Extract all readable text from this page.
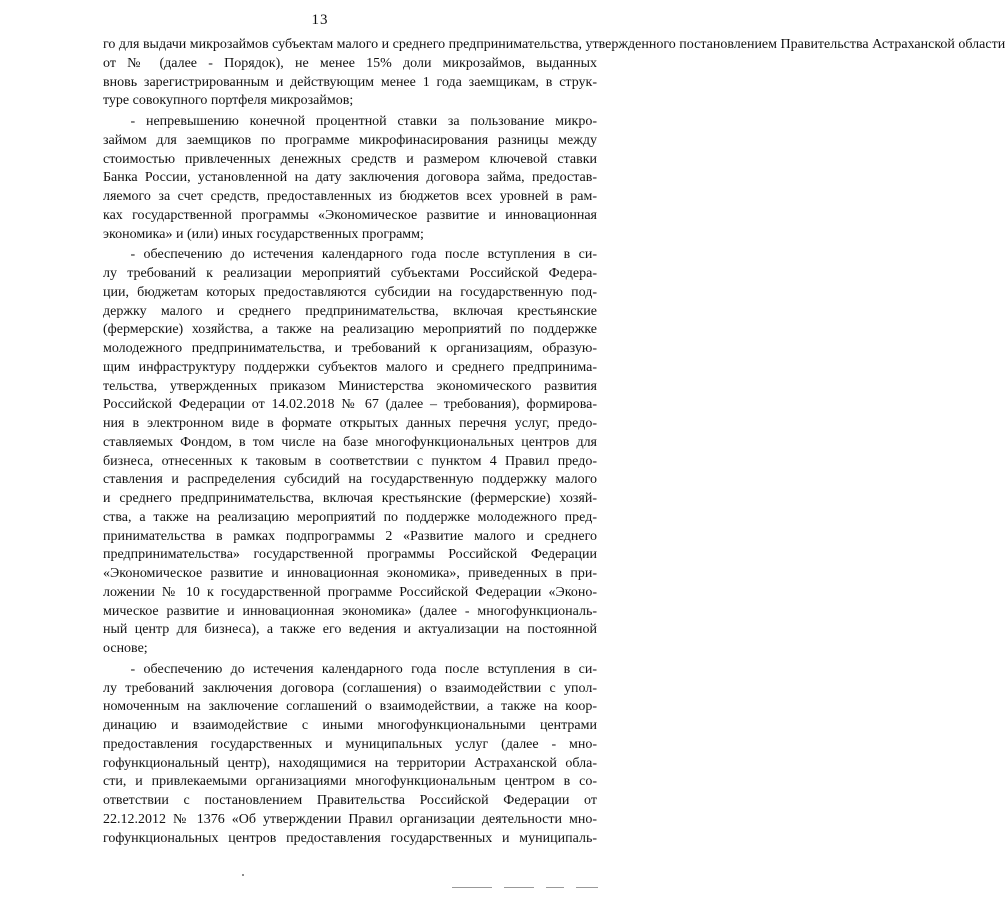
13
го для выдачи микрозаймов субъектам малого и среднего предпринимательства, утвержденного постановлением Правительства Астраханской области
от № (далее - Порядок), не менее 15% доли микрозаймов, выданных
вновь зарегистрированным и действующим менее 1 года заемщикам, в струк-
туре совокупного портфеля микрозаймов;
- непревышению конечной процентной ставки за пользование микро-
займом для заемщиков по программе микрофинасирования разницы между
стоимостью привлеченных денежных средств и размером ключевой ставки
Банка России, установленной на дату заключения договора займа, предостав-
ляемого за счет средств, предоставленных из бюджетов всех уровней в рам-
ках государственной программы «Экономическое развитие и инновационная
экономика» и (или) иных государственных программ;
- обеспечению до истечения календарного года после вступления в си-
лу требований к реализации мероприятий субъектами Российской Федера-
ции, бюджетам которых предоставляются субсидии на государственную под-
держку малого и среднего предпринимательства, включая крестьянские
(фермерские) хозяйства, а также на реализацию мероприятий по поддержке
молодежного предпринимательства, и требований к организациям, образую-
щим инфраструктуру поддержки субъектов малого и среднего предпринима-
тельства, утвержденных приказом Министерства экономического развития
Российской Федерации от 14.02.2018 № 67 (далее – требования), формирова-
ния в электронном виде в формате открытых данных перечня услуг, предо-
ставляемых Фондом, в том числе на базе многофункциональных центров для
бизнеса, отнесенных к таковым в соответствии с пунктом 4 Правил предо-
ставления и распределения субсидий на государственную поддержку малого
и среднего предпринимательства, включая крестьянские (фермерские) хозяй-
ства, а также на реализацию мероприятий по поддержке молодежного пред-
принимательства в рамках подпрограммы 2 «Развитие малого и среднего
предпринимательства» государственной программы Российской Федерации
«Экономическое развитие и инновационная экономика», приведенных в при-
ложении № 10 к государственной программе Российской Федерации «Эконо-
мическое развитие и инновационная экономика» (далее - многофункциональ-
ный центр для бизнеса), а также его ведения и актуализации на постоянной
основе;
- обеспечению до истечения календарного года после вступления в си-
лу требований заключения договора (соглашения) о взаимодействии с упол-
номоченным на заключение соглашений о взаимодействии, а также на коор-
динацию и взаимодействие с иными многофункциональными центрами
предоставления государственных и муниципальных услуг (далее - мно-
гофункциональный центр), находящимися на территории Астраханской обла-
сти, и привлекаемыми организациями многофункциональным центром в со-
ответствии с постановлением Правительства Российской Федерации от
22.12.2012 № 1376 «Об утверждении Правил организации деятельности мно-
гофункциональных центров предоставления государственных и муниципаль-
